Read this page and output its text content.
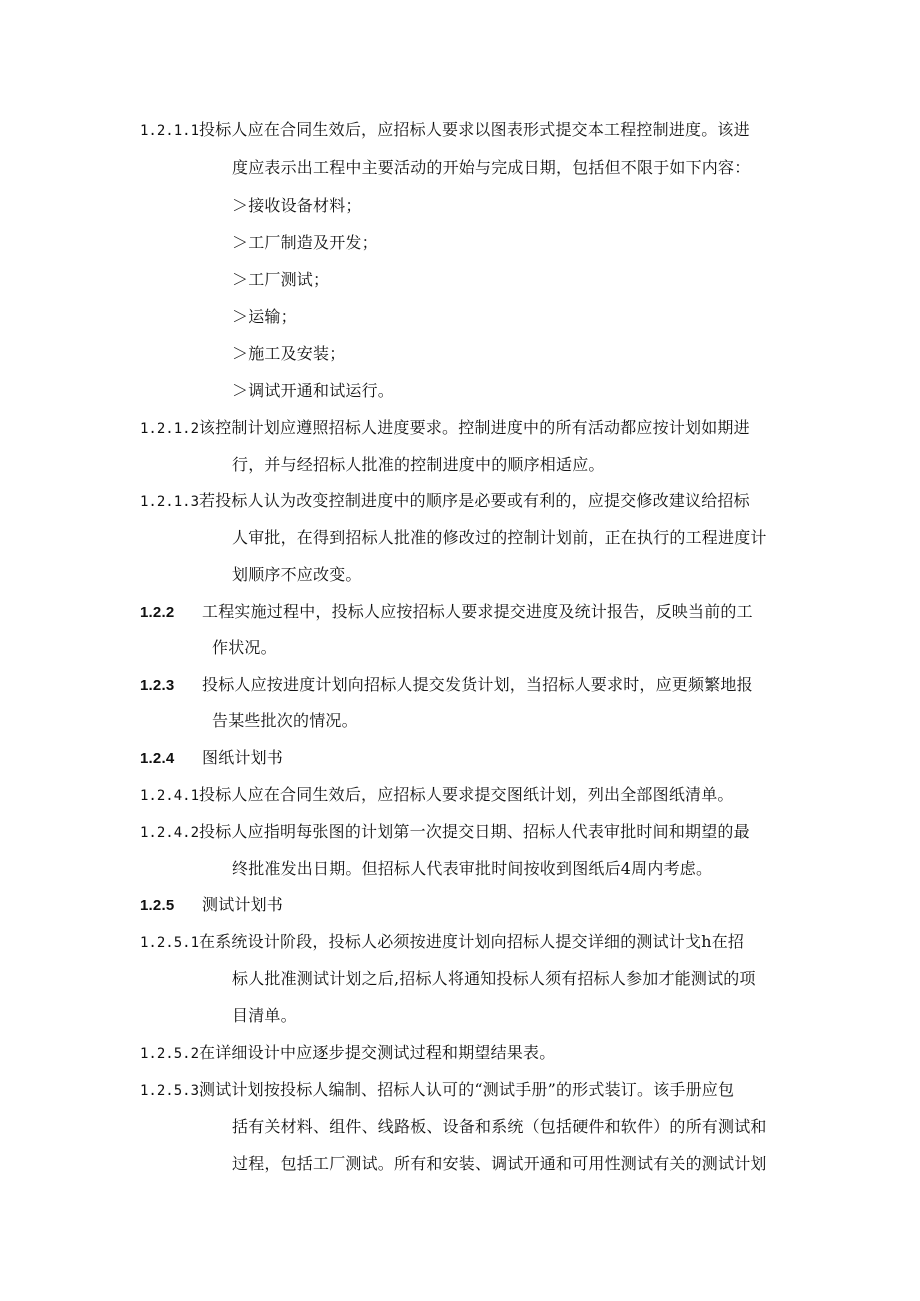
1.2.1.1投标人应在合同生效后，应招标人要求以图表形式提交本工程控制进度。该进
度应表示出工程中主要活动的开始与完成日期，包括但不限于如下内容：
＞接收设备材料；
＞工厂制造及开发；
＞工厂测试；
＞运输；
＞施工及安装；
＞调试开通和试运行。
1.2.1.2该控制计划应遵照招标人进度要求。控制进度中的所有活动都应按计划如期进
行，并与经招标人批准的控制进度中的顺序相适应。
1.2.1.3若投标人认为改变控制进度中的顺序是必要或有利的，应提交修改建议给招标
人审批，在得到招标人批准的修改过的控制计划前，正在执行的工程进度计
划顺序不应改变。
1.2.2 工程实施过程中，投标人应按招标人要求提交进度及统计报告，反映当前的工
作状况。
1.2.3 投标人应按进度计划向招标人提交发货计划，当招标人要求时，应更频繁地报
告某些批次的情况。
1.2.4 图纸计划书
1.2.4.1投标人应在合同生效后，应招标人要求提交图纸计划，列出全部图纸清单。
1.2.4.2投标人应指明每张图的计划第一次提交日期、招标人代表审批时间和期望的最
终批准发出日期。但招标人代表审批时间按收到图纸后4周内考虑。
1.2.5 测试计划书
1.2.5.1在系统设计阶段，投标人必须按进度计划向招标人提交详细的测试计戈h在招
标人批准测试计划之后,招标人将通知投标人须有招标人参加才能测试的项
目清单。
1.2.5.2在详细设计中应逐步提交测试过程和期望结果表。
1.2.5.3测试计划按投标人编制、招标人认可的“测试手册”的形式装订。该手册应包
括有关材料、组件、线路板、设备和系统（包括硬件和软件）的所有测试和
过程，包括工厂测试。所有和安装、调试开通和可用性测试有关的测试计划
